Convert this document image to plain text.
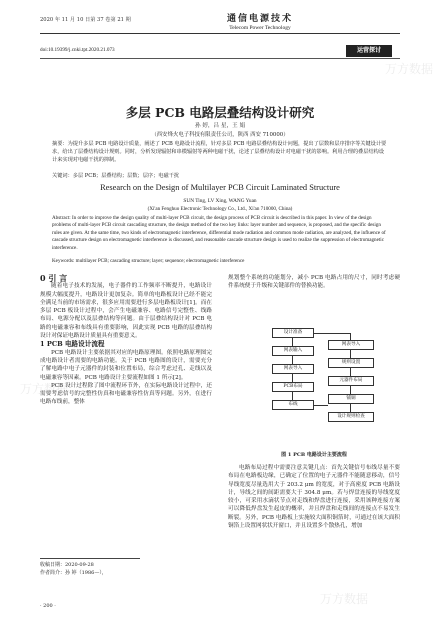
万方数据
万方数据
万方数据
2020 年 11 月 10 日第 37 卷第 21 期	通信电源技术
Telecom Power Technology
doi:10.19399/j.cnki.tpt.2020.21.073	运营探讨
多层 PCB 电路层叠结构设计研究
孙 婷，吕 星，王 娟
（西安烽火电子科技有限责任公司，陕西 西安 710000）
摘要：为提升多层 PCB 电路设计质量，阐述了 PCB 电路设计流程，针对多层 PCB 电路层叠结构设计问题，提出了层数和层序排序等关键设计要求，给出了层叠结构设计规则。同时，分析发现辐射和串模辐射等两种电磁干扰，论述了层叠结构设计对电磁干扰的影响。利用合理的叠层结构设计来实现对电磁干扰的抑制。
关键词：多层 PCB；层叠结构；层数；层序；电磁干扰
Research on the Design of Multilayer PCB Circuit Laminated Structure
SUN Ting, LV Xing, WANG Yuan
(Xi'an Fenghuo Electronic Technology Co., Ltd., Xi'an 710000, China)
Abstract: In order to improve the design quality of multi-layer PCB circuit, the design process of PCB circuit is described in this paper. In view of the design problems of multi-layer PCB circuit cascading structure, the design method of the two key links: layer number and sequence, is proposed, and the specific design rules are given. At the same time, two kinds of electromagnetic interference, differential mode radiation and common mode radiation, are analyzed, the influence of cascade structure design on electromagnetic interference is discussed, and reasonable cascade structure design is used to realize the suppression of electromagnetic interference.
Keywords: multilayer PCB; cascading structure; layer; sequence; electromagnetic interference

0 引 言

随着电子技术的发展，电子器件的工作频率不断提升，电路设计规模大幅度提升，电路设计更加复杂。简单的电路板设计已经不能完全满足当前的市场需求，很多应用需要进行多层电路板设计[1]。而在多层 PCB 板设计过程中，会产生电磁兼容、电路信号完整性、线路布局、电源分配以及层叠结构等问题。由于层叠结构设计对 PCB 电路的电磁兼容和布线具有重要影响，因此实现 PCB 电路的层叠结构设计对保证电路设计质量具有重要意义。

1 PCB 电路设计流程

PCB 电路设计主要依据其对应的电路原理图。依照电路原理图完成电路设计者需要的电路功能。关于 PCB 电路图的设计，需要充分了解电路中电子元器件的封装和位置布局，综合考虑过孔、走线以及电磁兼容等因素。PCB 电路设计主要流程如图 1 所示[2]。

PCB 设计过程除了图中流程环节外，在实际电路设计过程中，还需要考虑信号的完整性仿真和电磁兼容性仿真等问题。另外，在进行电路布线前，整体

规划整个系统的功能划分，减小 PCB 电路占用的尺寸，同时考虑硬件系统便于升级和关键部件的替换功能。

设计准备
网表输入
网表导入
PCB布局
布线
网表导入
规则设置
元器件布局
铺铜
设计规则检查
图 1 PCB 电路设计主要流程

电路布局过程中需要注意关键几点：首先关键信号布线尽量不要布局在电路板边缘，已确定了位置的电子元器件不能随意移动，信号导线宽度尽量选用大于 203.2 μm 的宽度，对于高密度 PCB 电路设计，导线之间的间距需要大于 304.8 μm。若与焊盘连接的导线宽度较小，可采用水滴状节点对走线和焊盘进行连接，采用该种连接方案可以降低焊盘发生起皮的概率，并且焊盘和走线间的连接点不易发生断裂。另外，PCB 电路板上实施较大面积铜箔时，可通过在该大面积铜箔上设置网状状开窗口，并且设置多个散热孔，增加

收稿日期：2020-09-28
作者简介：孙 婷（1986—），
· 200 ·
